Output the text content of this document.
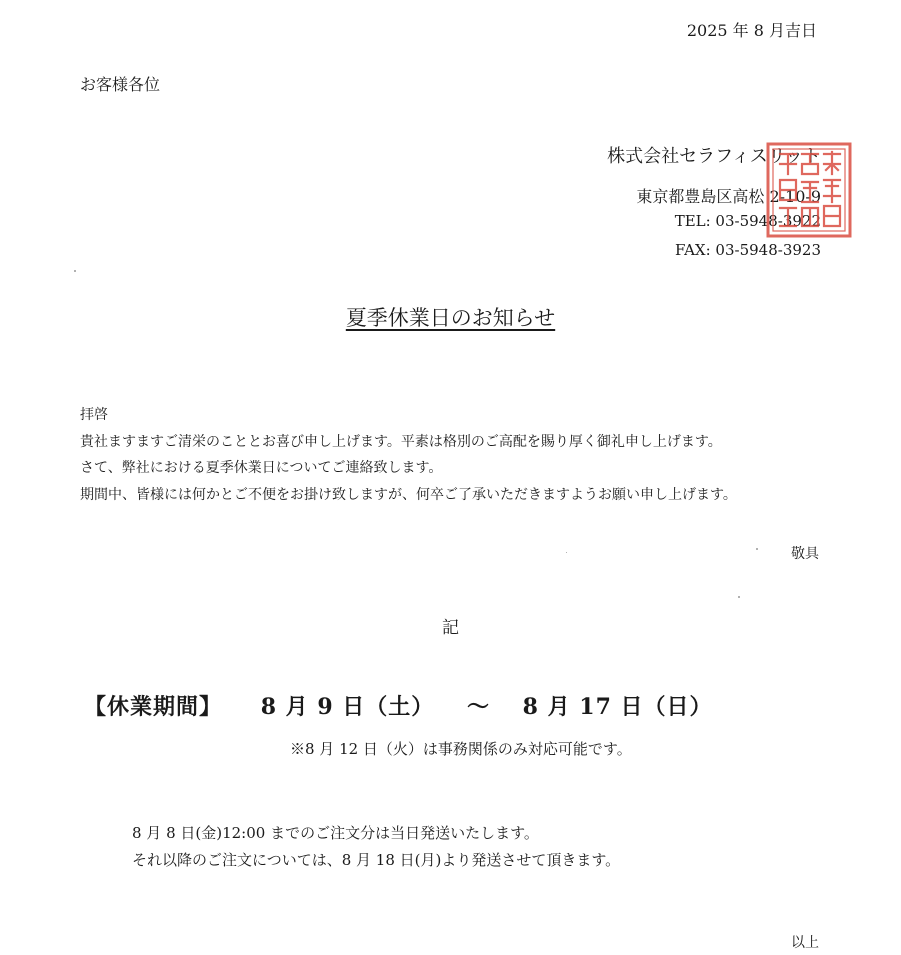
2025 年 8 月吉日
お客様各位
株式会社セラフィスリット
東京都豊島区高松 2-10-9
TEL: 03-5948-3922
FAX: 03-5948-3923
夏季休業日のお知らせ
拝啓
貴社ますますご清栄のこととお喜び申し上げます。平素は格別のご高配を賜り厚く御礼申し上げます。
さて、弊社における夏季休業日についてご連絡致します。
期間中、皆様には何かとご不便をお掛け致しますが、何卒ご了承いただきますようお願い申し上げます。
敬具
記
【休業期間】 8 月 9 日（土） ～ 8 月 17 日（日）
※8 月 12 日（火）は事務関係のみ対応可能です。
8 月 8 日(金)12:00 までのご注文分は当日発送いたします。
それ以降のご注文については、8 月 18 日(月)より発送させて頂きます。
以上
